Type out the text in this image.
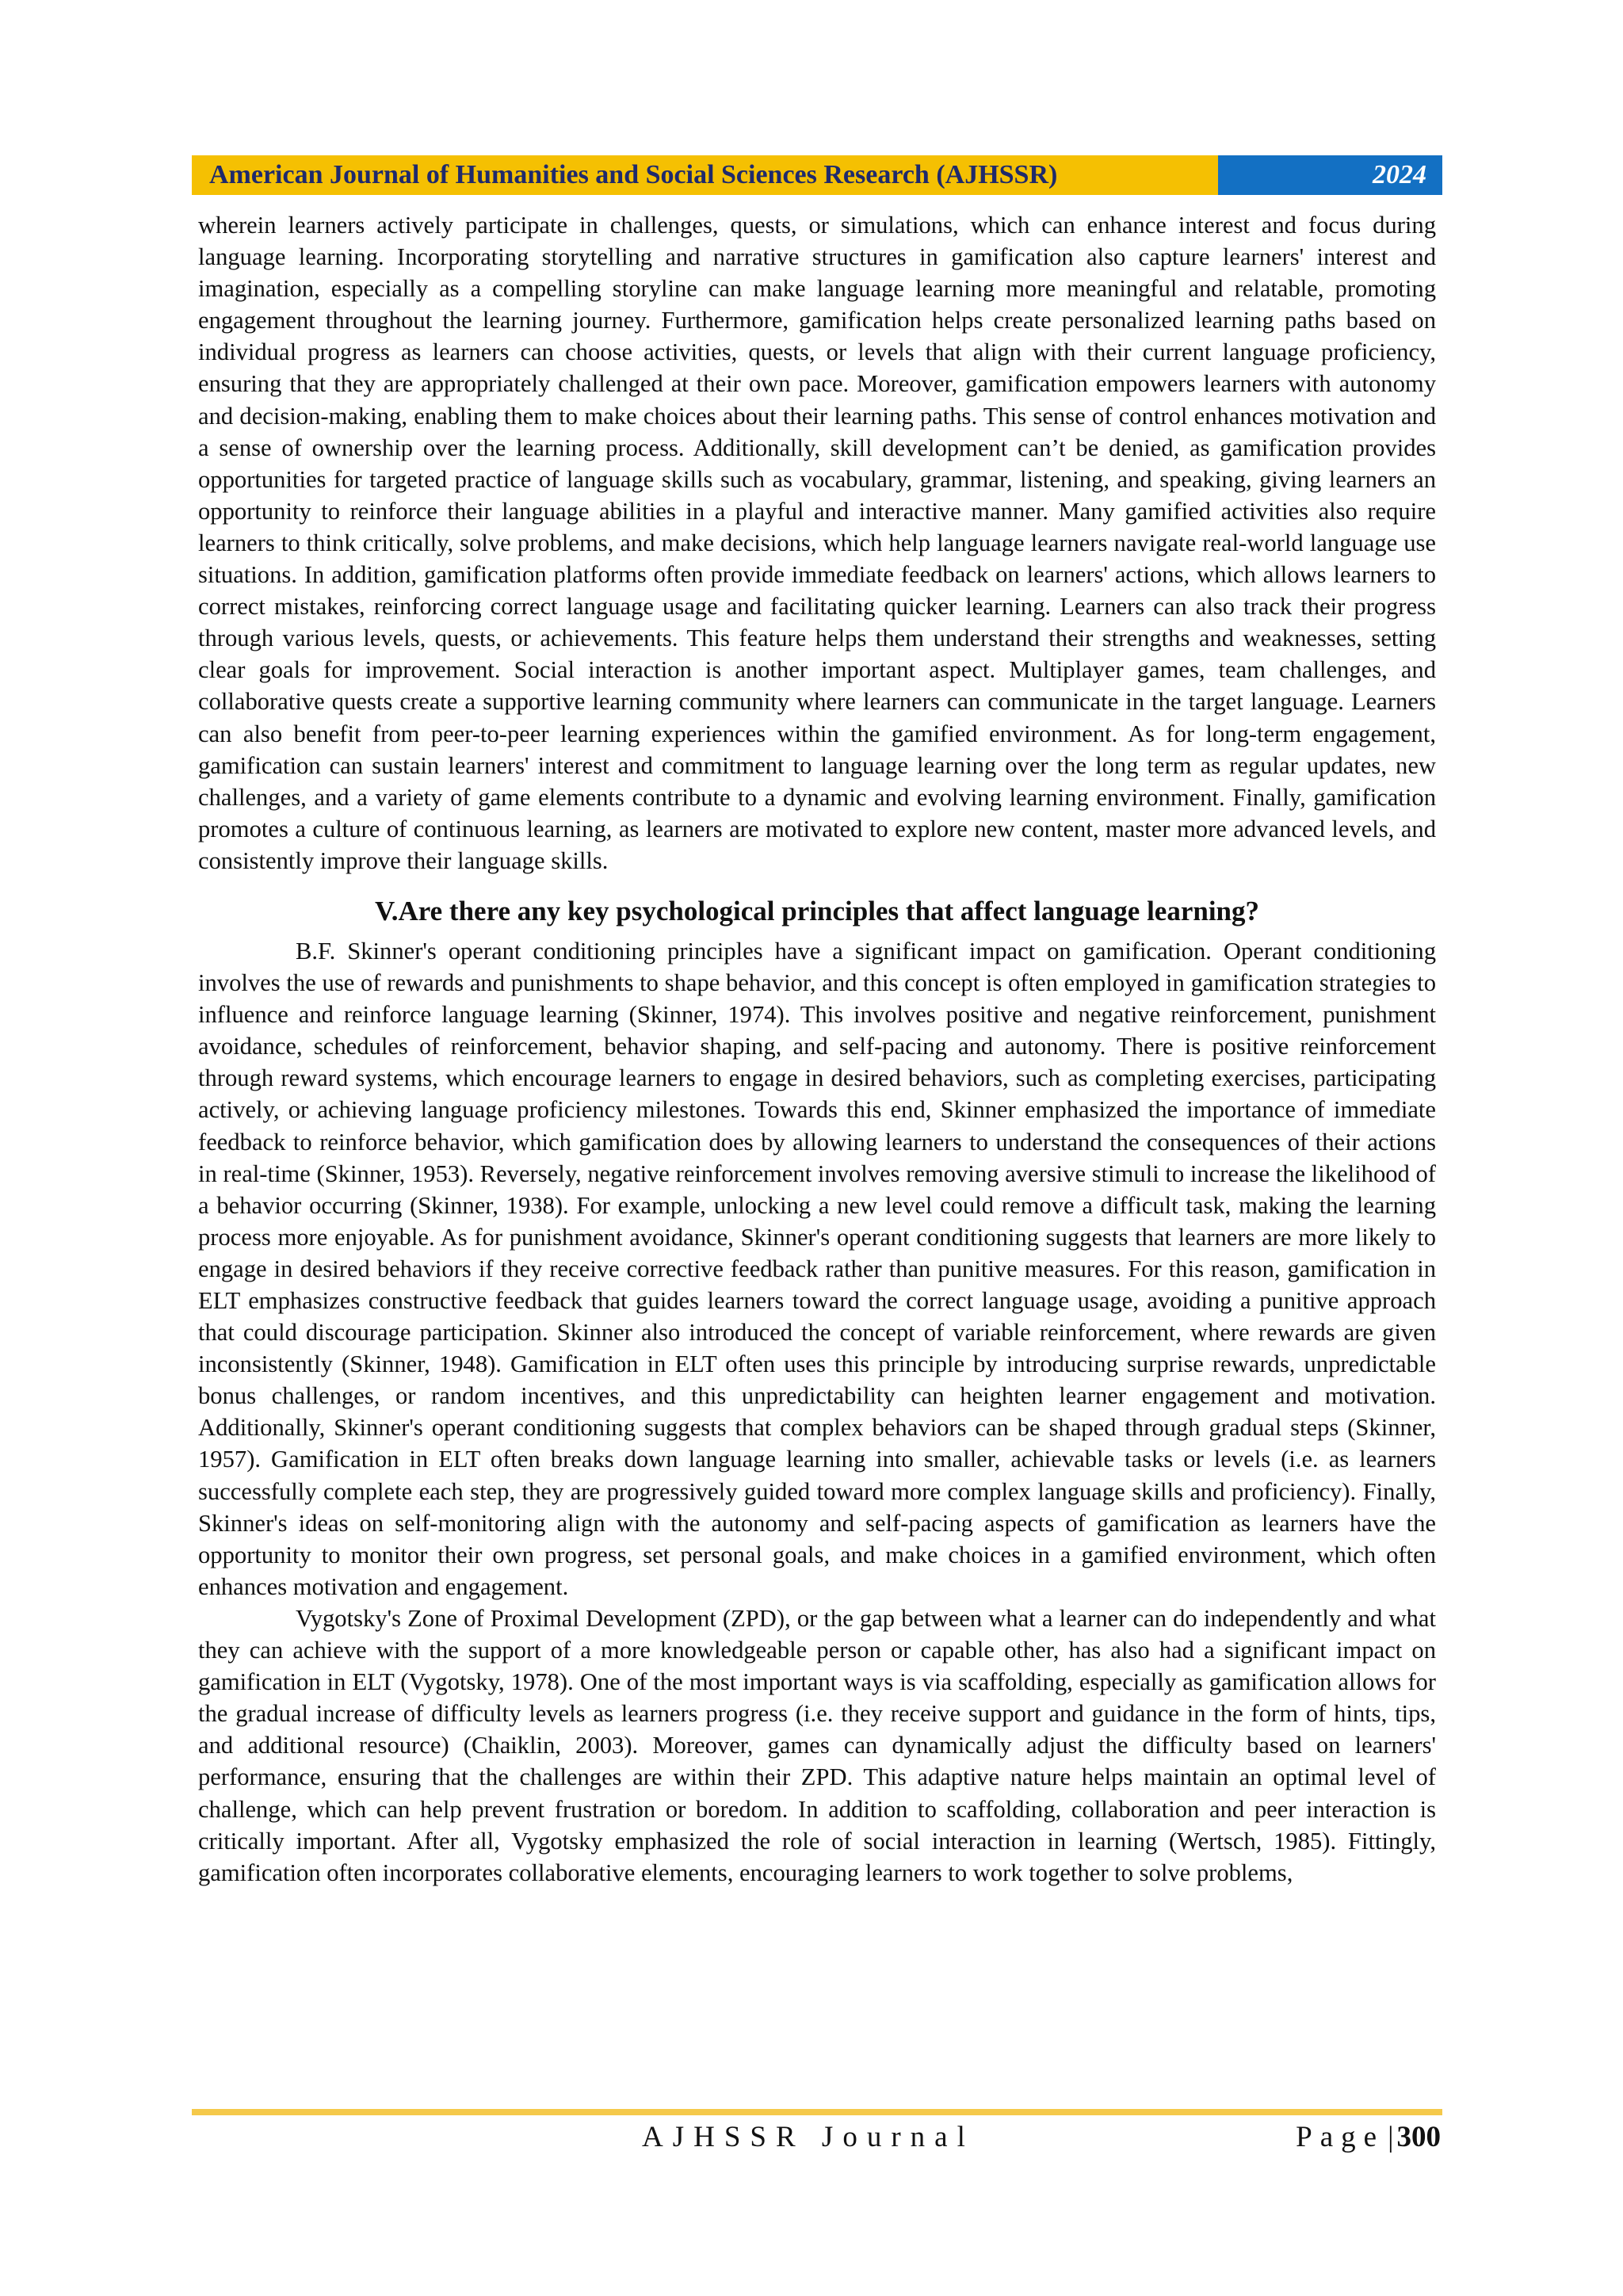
American Journal of Humanities and Social Sciences Research (AJHSSR)	2024

wherein learners actively participate in challenges, quests, or simulations, which can enhance interest and focus during language learning. Incorporating storytelling and narrative structures in gamification also capture learners' interest and imagination, especially as a compelling storyline can make language learning more meaningful and relatable, promoting engagement throughout the learning journey. Furthermore, gamification helps create personalized learning paths based on individual progress as learners can choose activities, quests, or levels that align with their current language proficiency, ensuring that they are appropriately challenged at their own pace. Moreover, gamification empowers learners with autonomy and decision-making, enabling them to make choices about their learning paths. This sense of control enhances motivation and a sense of ownership over the learning process. Additionally, skill development can’t be denied, as gamification provides opportunities for targeted practice of language skills such as vocabulary, grammar, listening, and speaking, giving learners an opportunity to reinforce their language abilities in a playful and interactive manner. Many gamified activities also require learners to think critically, solve problems, and make decisions, which help language learners navigate real-world language use situations. In addition, gamification platforms often provide immediate feedback on learners' actions, which allows learners to correct mistakes, reinforcing correct language usage and facilitating quicker learning. Learners can also track their progress through various levels, quests, or achievements. This feature helps them understand their strengths and weaknesses, setting clear goals for improvement. Social interaction is another important aspect. Multiplayer games, team challenges, and collaborative quests create a supportive learning community where learners can communicate in the target language. Learners can also benefit from peer-to-peer learning experiences within the gamified environment. As for long-term engagement, gamification can sustain learners' interest and commitment to language learning over the long term as regular updates, new challenges, and a variety of game elements contribute to a dynamic and evolving learning environment. Finally, gamification promotes a culture of continuous learning, as learners are motivated to explore new content, master more advanced levels, and consistently improve their language skills.

V.Are there any key psychological principles that affect language learning?

B.F. Skinner's operant conditioning principles have a significant impact on gamification. Operant conditioning involves the use of rewards and punishments to shape behavior, and this concept is often employed in gamification strategies to influence and reinforce language learning (Skinner, 1974). This involves positive and negative reinforcement, punishment avoidance, schedules of reinforcement, behavior shaping, and self-pacing and autonomy. There is positive reinforcement through reward systems, which encourage learners to engage in desired behaviors, such as completing exercises, participating actively, or achieving language proficiency milestones. Towards this end, Skinner emphasized the importance of immediate feedback to reinforce behavior, which gamification does by allowing learners to understand the consequences of their actions in real-time (Skinner, 1953). Reversely, negative reinforcement involves removing aversive stimuli to increase the likelihood of a behavior occurring (Skinner, 1938). For example, unlocking a new level could remove a difficult task, making the learning process more enjoyable. As for punishment avoidance, Skinner's operant conditioning suggests that learners are more likely to engage in desired behaviors if they receive corrective feedback rather than punitive measures. For this reason, gamification in ELT emphasizes constructive feedback that guides learners toward the correct language usage, avoiding a punitive approach that could discourage participation. Skinner also introduced the concept of variable reinforcement, where rewards are given inconsistently (Skinner, 1948). Gamification in ELT often uses this principle by introducing surprise rewards, unpredictable bonus challenges, or random incentives, and this unpredictability can heighten learner engagement and motivation. Additionally, Skinner's operant conditioning suggests that complex behaviors can be shaped through gradual steps (Skinner, 1957). Gamification in ELT often breaks down language learning into smaller, achievable tasks or levels (i.e. as learners successfully complete each step, they are progressively guided toward more complex language skills and proficiency). Finally, Skinner's ideas on self-monitoring align with the autonomy and self-pacing aspects of gamification as learners have the opportunity to monitor their own progress, set personal goals, and make choices in a gamified environment, which often enhances motivation and engagement.

Vygotsky's Zone of Proximal Development (ZPD), or the gap between what a learner can do independently and what they can achieve with the support of a more knowledgeable person or capable other, has also had a significant impact on gamification in ELT (Vygotsky, 1978). One of the most important ways is via scaffolding, especially as gamification allows for the gradual increase of difficulty levels as learners progress (i.e. they receive support and guidance in the form of hints, tips, and additional resource) (Chaiklin, 2003). Moreover, games can dynamically adjust the difficulty based on learners' performance, ensuring that the challenges are within their ZPD. This adaptive nature helps maintain an optimal level of challenge, which can help prevent frustration or boredom. In addition to scaffolding, collaboration and peer interaction is critically important. After all, Vygotsky emphasized the role of social interaction in learning (Wertsch, 1985). Fittingly, gamification often incorporates collaborative elements, encouraging learners to work together to solve problems,

AJHSSR Journal	Page | 300
